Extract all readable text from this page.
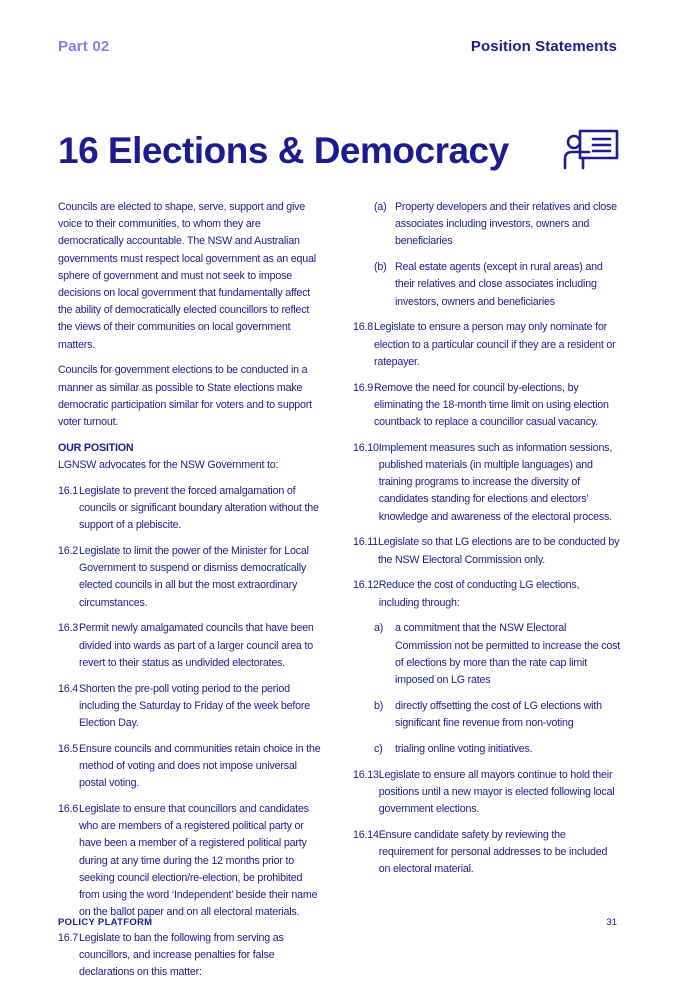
Part 02	Position Statements
16 Elections & Democracy

Councils are elected to shape, serve, support and give voice to their communities, to whom they are democratically accountable. The NSW and Australian governments must respect local government as an equal sphere of government and must not seek to impose decisions on local government that fundamentally affect the ability of democratically elected councillors to reflect the views of their communities on local government matters.

Councils for government elections to be conducted in a manner as similar as possible to State elections make democratic participation similar for voters and to support voter turnout.

OUR POSITION

LGNSW advocates for the NSW Government to:

16.1 Legislate to prevent the forced amalgamation of councils or significant boundary alteration without the support of a plebiscite.
16.2 Legislate to limit the power of the Minister for Local Government to suspend or dismiss democratically elected councils in all but the most extraordinary circumstances.
16.3 Permit newly amalgamated councils that have been divided into wards as part of a larger council area to revert to their status as undivided electorates.
16.4 Shorten the pre-poll voting period to the period including the Saturday to Friday of the week before Election Day.
16.5 Ensure councils and communities retain choice in the method of voting and does not impose universal postal voting.
16.6 Legislate to ensure that councillors and candidates who are members of a registered political party or have been a member of a registered political party during at any time during the 12 months prior to seeking council election/re-election, be prohibited from using the word ‘Independent’ beside their name on the ballot paper and on all electoral materials.
16.7 Legislate to ban the following from serving as councillors, and increase penalties for false declarations on this matter:
(a) Property developers and their relatives and close associates including investors, owners and beneficiaries
(b) Real estate agents (except in rural areas) and their relatives and close associates including investors, owners and beneficiaries
16.8 Legislate to ensure a person may only nominate for election to a particular council if they are a resident or ratepayer.
16.9 Remove the need for council by-elections, by eliminating the 18-month time limit on using election countback to replace a councillor casual vacancy.
16.10 Implement measures such as information sessions, published materials (in multiple languages) and training programs to increase the diversity of candidates standing for elections and electors’ knowledge and awareness of the electoral process.
16.11 Legislate so that LG elections are to be conducted by the NSW Electoral Commission only.
16.12 Reduce the cost of conducting LG elections, including through:
a)	a commitment that the NSW Electoral Commission not be permitted to increase the cost of elections by more than the rate cap limit imposed on LG rates
b)	directly offsetting the cost of LG elections with significant fine revenue from non-voting
c)	trialing online voting initiatives.
16.13 Legislate to ensure all mayors continue to hold their positions until a new mayor is elected following local government elections.
16.14 Ensure candidate safety by reviewing the requirement for personal addresses to be included on electoral material.
POLICY PLATFORM	31
